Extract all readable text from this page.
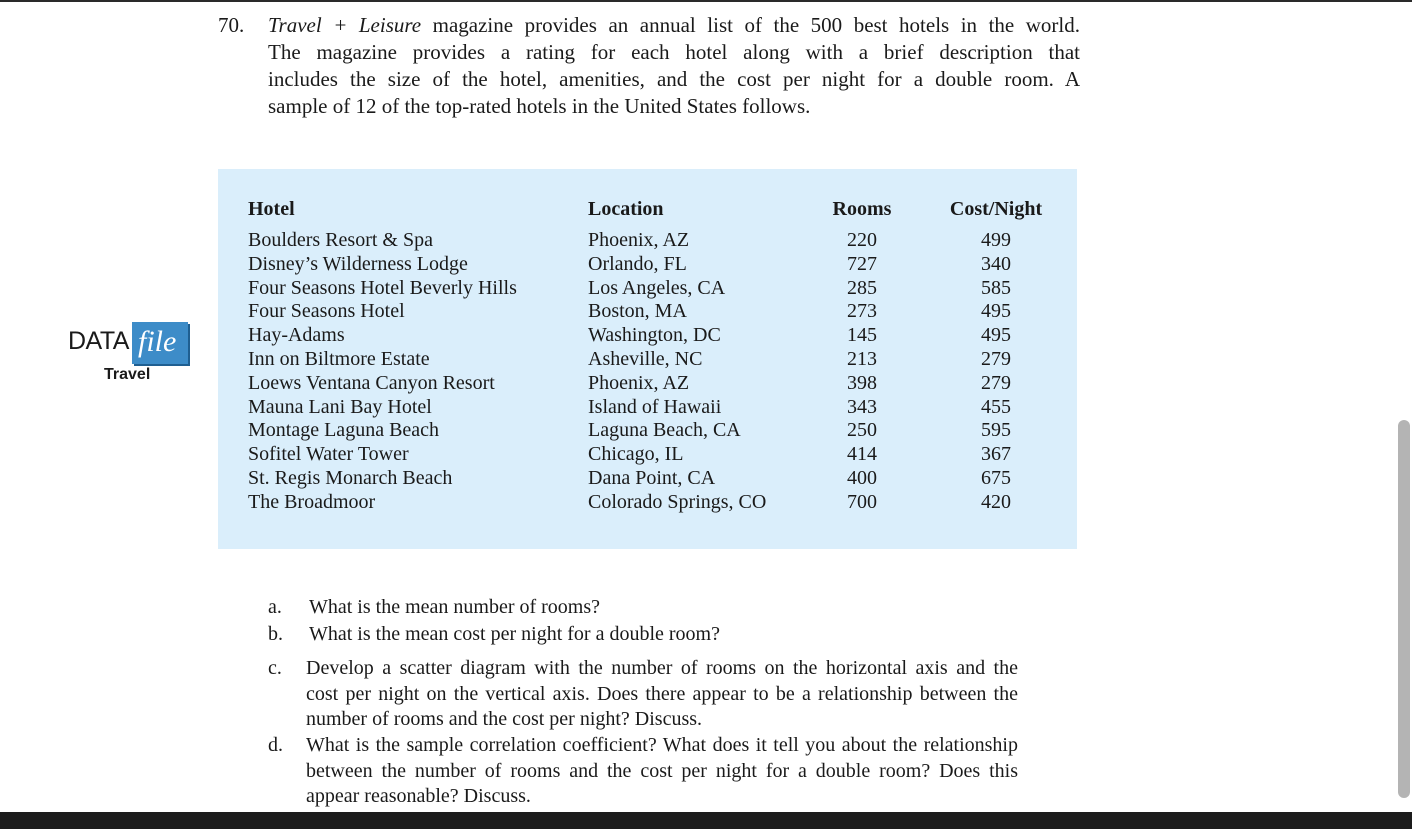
70. Travel + Leisure magazine provides an annual list of the 500 best hotels in the world.
The magazine provides a rating for each hotel along with a brief description that
includes the size of the hotel, amenities, and the cost per night for a double room. A
sample of 12 of the top-rated hotels in the United States follows.
DATA file
Travel
Hotel	Location	Rooms	Cost/Night
Boulders Resort & Spa	Phoenix, AZ	220	499
Disney’s Wilderness Lodge	Orlando, FL	727	340
Four Seasons Hotel Beverly Hills	Los Angeles, CA	285	585
Four Seasons Hotel	Boston, MA	273	495
Hay-Adams	Washington, DC	145	495
Inn on Biltmore Estate	Asheville, NC	213	279
Loews Ventana Canyon Resort	Phoenix, AZ	398	279
Mauna Lani Bay Hotel	Island of Hawaii	343	455
Montage Laguna Beach	Laguna Beach, CA	250	595
Sofitel Water Tower	Chicago, IL	414	367
St. Regis Monarch Beach	Dana Point, CA	400	675
The Broadmoor	Colorado Springs, CO	700	420
a. What is the mean number of rooms?
b. What is the mean cost per night for a double room?
c. Develop a scatter diagram with the number of rooms on the horizontal axis and the
cost per night on the vertical axis. Does there appear to be a relationship between the
number of rooms and the cost per night? Discuss.
d. What is the sample correlation coefficient? What does it tell you about the relationship
between the number of rooms and the cost per night for a double room? Does this
appear reasonable? Discuss.
